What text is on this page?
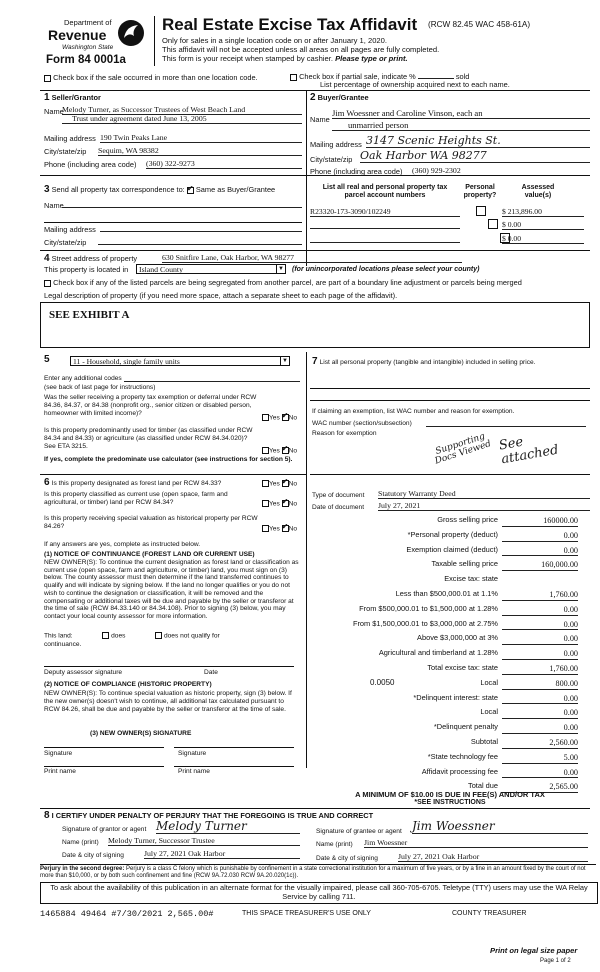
Department of
Revenue
Washington State
Form 84 0001a
Real Estate Excise Tax Affidavit (RCW 82.45 WAC 458-61A)
Only for sales in a single location code on or after January 1, 2020.
This affidavit will not be accepted unless all areas on all pages are fully completed.
This form is your receipt when stamped by cashier. Please type or print.
Check box if the sale occurred in more than one location code.	Check box if partial sale, indicate %	sold
List percentage of ownership acquired next to each name.
1 Seller/Grantor
Name
Melody Turner, as Successor Trustees of West Beach Land
Trust under agreement dated June 13, 2005
Mailing address 190 Twin Peaks Lane
City/state/zip Sequim, WA 98382
Phone (including area code) (360) 322-9273
2 Buyer/Grantee
Name
Jim Woessner and Caroline Vinson, each an
unmarried person
Mailing address 3147 Scenic Heights St.
City/state/zip Oak Harbor WA 98277
Phone (including area code) (360) 929-2302
3 Send all property tax correspondence to: ✔ Same as Buyer/Grantee
Name
Mailing address
City/state/zip
List all real and personal property tax parcel account numbers
Personal property?
Assessed value(s)
R23320-173-3090/102249
	$ 213,896.00

$ 0.00
$ 0.00
4 Street address of property	630 Snitfire Lane, Oak Harbor, WA 98277
This property is located in Island County	▼ (for unincorporated locations please select your county)
Check box if any of the listed parcels are being segregated from another parcel, are part of a boundary line adjustment or parcels being merged
Legal description of property (if you need more space, attach a separate sheet to each page of the affidavit).
SEE EXHIBIT A
5	11 - Household, single family units	▼
Enter any additional codes
(see back of last page for instructions)
Was the seller receiving a property tax exemption or deferral under RCW 84.36, 84.37, or 84.38 (nonprofit org., senior citizen or disabled person, homeowner with limited income)?
Yes ✔ No
Is this property predominantly used for timber (as classified under RCW 84.34 and 84.33) or agriculture (as classified under RCW 84.34.020)? See ETA 3215.
Yes ✔ No
If yes, complete the predominate use calculator (see instructions for section 5).
6 Is this property designated as forest land per RCW 84.33?	Yes ✔ No
Is this property classified as current use (open space, farm and agricultural, or timber) land per RCW 84.34?	Yes ✔ No
Is this property receiving special valuation as historical property per RCW 84.26?	Yes ✔ No
If any answers are yes, complete as instructed below.
(1) NOTICE OF CONTINUANCE (FOREST LAND OR CURRENT USE)
NEW OWNER(S): To continue the current designation as forest land or classification as current use (open space, farm and agriculture, or timber) land, you must sign on (3) below. The county assessor must then determine if the land transferred continues to qualify and will indicate by signing below. If the land no longer qualifies or you do not wish to continue the designation or classification, it will be removed and the compensating or additional taxes will be due and payable by the seller or transferor at the time of sale (RCW 84.33.140 or 84.34.108). Prior to signing (3) below, you may contact your local county assessor for more information.
This land:	does	does not qualify for
continuance.
Deputy assessor signature	Date
(2) NOTICE OF COMPLIANCE (HISTORIC PROPERTY)
NEW OWNER(S): To continue special valuation as historic property, sign (3) below. If the new owner(s) doesn't wish to continue, all additional tax calculated pursuant to RCW 84.26, shall be due and payable by the seller or transferor at the time of sale.
(3) NEW OWNER(S) SIGNATURE
Signature	Signature
Print name	Print name
7 List all personal property (tangible and intangible) included in selling price.
If claiming an exemption, list WAC number and reason for exemption.
WAC number (section/subsection)
Reason for exemption
See attached
Supporting Docs Viewed
Type of document Statutory Warranty Deed
Date of document July 27, 2021
Gross selling price	160000.00
*Personal property (deduct)	0.00
Exemption claimed (deduct)	0.00
Taxable selling price	160,000.00
Excise tax: state
Less than $500,000.01 at 1.1%	1,760.00
From $500,000.01 to $1,500,000 at 1.28%	0.00
From $1,500,000.01 to $3,000,000 at 2.75%	0.00
Above $3,000,000 at 3%	0.00
Agricultural and timberland at 1.28%	0.00
Total excise tax: state	1,760.00
Local	800.00
*Delinquent interest: state	0.00
Local	0.00
*Delinquent penalty	0.00
Subtotal	2,560.00
*State technology fee	5.00
Affidavit processing fee	0.00
Total due	2,565.00
0.0050
A MINIMUM OF $10.00 IS DUE IN FEE(S) AND/OR TAX
*SEE INSTRUCTIONS
8 I CERTIFY UNDER PENALTY OF PERJURY THAT THE FOREGOING IS TRUE AND CORRECT
Signature of grantor or agent Melody Turner
Name (print) Melody Turner, Successor Trustee
Date & city of signing	July 27, 2021 Oak Harbor
Signature of grantee or agent Jim Woessner
Name (print) Jim Woessner
Date & city of signing	July 27, 2021 Oak Harbor
Perjury in the second degree: Perjury is a class C felony which is punishable by confinement in a state correctional institution for a maximum of five years, or by a fine in an amount fixed by the court of not more than $10,000, or by both such confinement and fine (RCW 9A.72.030 RCW 9A.20.020(1c)).
To ask about the availability of this publication in an alternate format for the visually impaired, please call 360-705-6705. Teletype (TTY) users may use the WA Relay Service by calling 711.
1465884 49464 #7/30/2021 2,565.00#	THIS SPACE TREASURER'S USE ONLY	COUNTY TREASURER
Print on legal size paper
Page 1 of 2
